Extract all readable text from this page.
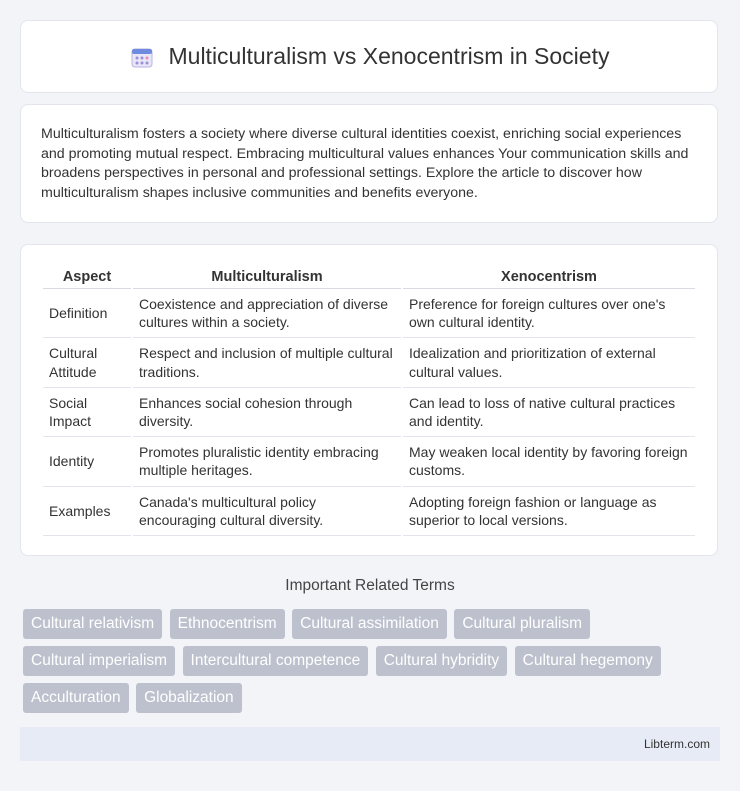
Multiculturalism vs Xenocentrism in Society
Multiculturalism fosters a society where diverse cultural identities coexist, enriching social experiences and promoting mutual respect. Embracing multicultural values enhances Your communication skills and broadens perspectives in personal and professional settings. Explore the article to discover how multiculturalism shapes inclusive communities and benefits everyone.
Aspect	Multiculturalism	Xenocentrism
Definition	Coexistence and appreciation of diverse cultures within a society.	Preference for foreign cultures over one's own cultural identity.
Cultural Attitude	Respect and inclusion of multiple cultural traditions.	Idealization and prioritization of external cultural values.
Social Impact	Enhances social cohesion through diversity.	Can lead to loss of native cultural practices and identity.
Identity	Promotes pluralistic identity embracing multiple heritages.	May weaken local identity by favoring foreign customs.
Examples	Canada's multicultural policy encouraging cultural diversity.	Adopting foreign fashion or language as superior to local versions.
Important Related Terms
Cultural relativism Ethnocentrism Cultural assimilation Cultural pluralism
Cultural imperialism Intercultural competence Cultural hybridity Cultural hegemony
Acculturation Globalization
Libterm.com
